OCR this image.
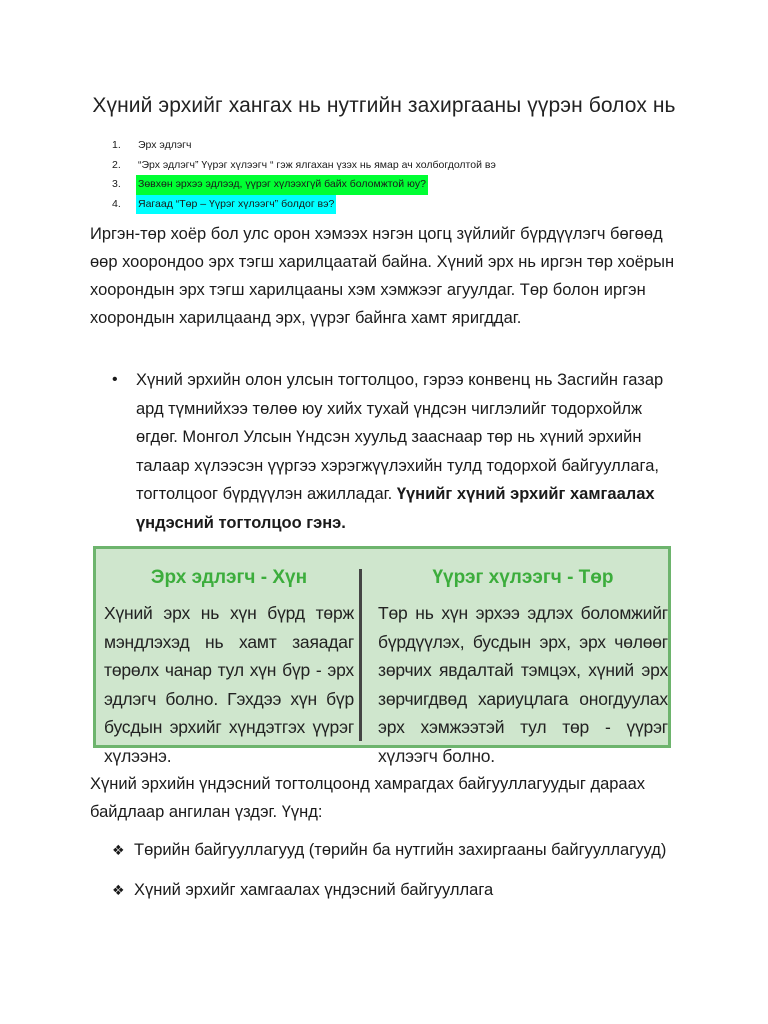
Хүний эрхийг хангах нь нутгийн захиргааны үүрэн болох нь
1.	Эрх эдлэгч
2.	“Эрх эдлэгч” Үүрэг хүлээгч “ гэж ялгахан үзэх нь ямар ач холбогдолтой вэ
3.	Зөвхөн эрхээ эдлээд, үүрэг хүлээхгүй байх боломжтой юу?
4.	Яагаад “Төр – Үүрэг хүлээгч” болдог вэ?
Иргэн-төр хоёр бол улс орон хэмээх нэгэн цогц зүйлийг бүрдүүлэгч бөгөөд өөр хоорондоо эрх тэгш харилцаатай байна. Хүний эрх нь иргэн төр хоёрын хоорондын эрх тэгш харилцааны хэм хэмжээг агуулдаг. Төр болон иргэн хоорондын харилцаанд эрх, үүрэг байнга хамт яригддаг.
• Хүний эрхийн олон улсын тогтолцоо, гэрээ конвенц нь Засгийн газар ард түмнийхээ төлөө юу хийх тухай үндсэн чиглэлийг тодорхойлж өгдөг. Монгол Улсын Үндсэн хуульд зааснаар төр нь хүний эрхийн талаар хүлээсэн үүргээ хэрэгжүүлэхийн тулд тодорхой байгууллага, тогтолцоог бүрдүүлэн ажилладаг. Үүнийг хүний эрхийг хамгаалах үндэсний тогтолцоо гэнэ.
Эрх эдлэгч - Хүн
Хүний эрх нь хүн бүрд төрж мэндлэхэд нь хамт заяадаг төрөлх чанар тул хүн бүр - эрх эдлэгч болно. Гэхдээ хүн бүр бусдын эрхийг хүндэтгэх үүрэг хүлээнэ.
Үүрэг хүлээгч - Төр
Төр нь хүн эрхээ эдлэх боломжийг бүрдүүлэх, бусдын эрх, эрх чөлөөг зөрчих явдалтай тэмцэх, хүний эрх зөрчигдвөд хариуцлага оногдуулах эрх хэмжээтэй тул төр - үүрэг хүлээгч болно.
Хүний эрхийн үндэсний тогтолцоонд хамрагдах байгууллагуудыг дараах байдлаар ангилан үздэг. Үүнд:
❖ Төрийн байгууллагууд (төрийн ба нутгийн захиргааны байгууллагууд)
❖ Хүний эрхийг хамгаалах үндэсний байгууллага
